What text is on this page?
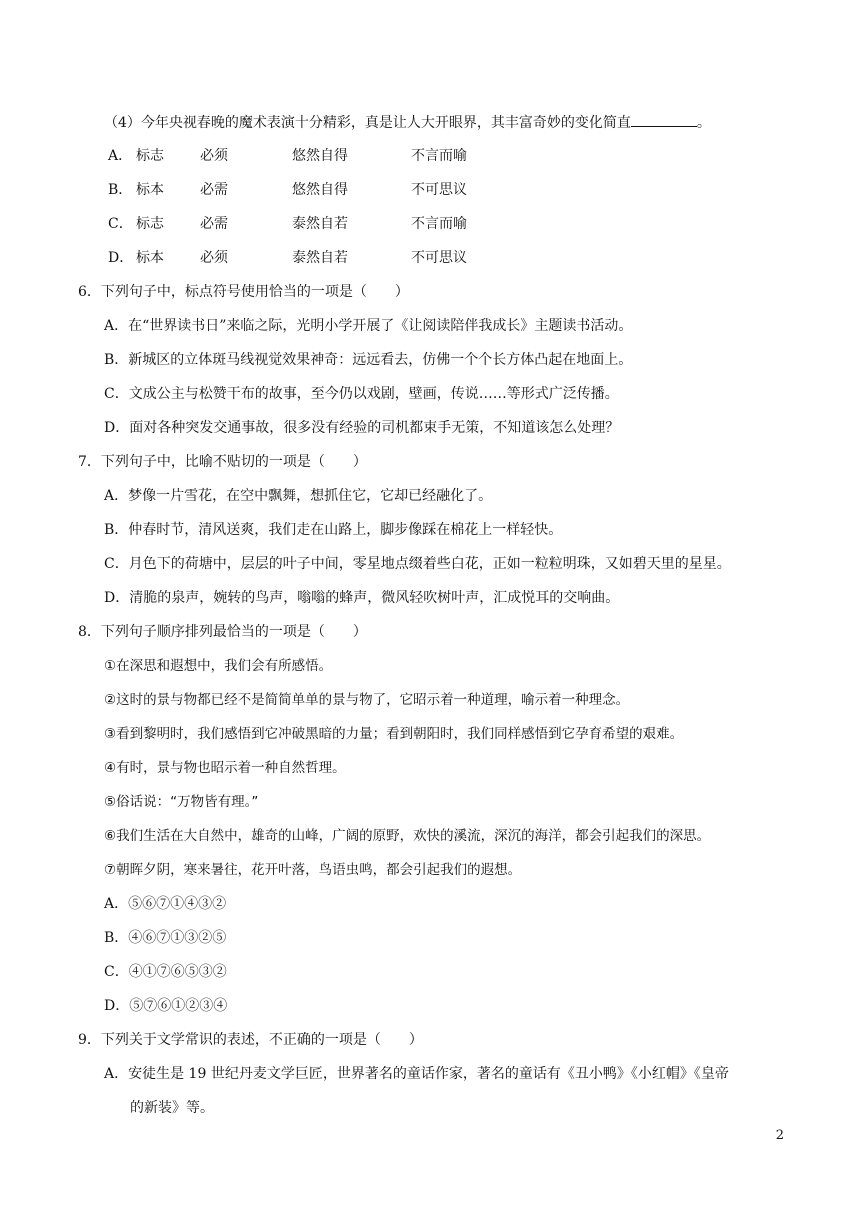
（4）今年央视春晚的魔术表演十分精彩，真是让人大开眼界，其丰富奇妙的变化简直	。
A． 标志	必须	悠然自得	不言而喻
B． 标本	必需	悠然自得	不可思议
C． 标志	必需	泰然自若	不言而喻
D． 标本	必须	泰然自若	不可思议
6．下列句子中，标点符号使用恰当的一项是（　　）
A．在“世界读书日”来临之际，光明小学开展了《让阅读陪伴我成长》主题读书活动。
B．新城区的立体斑马线视觉效果神奇：远远看去，仿佛一个个长方体凸起在地面上。
C．文成公主与松赞干布的故事，至今仍以戏剧，壁画，传说……等形式广泛传播。
D．面对各种突发交通事故，很多没有经验的司机都束手无策，不知道该怎么处理？
7．下列句子中，比喻不贴切的一项是（　　）
A．梦像一片雪花，在空中飘舞，想抓住它，它却已经融化了。
B．仲春时节，清风送爽，我们走在山路上，脚步像踩在棉花上一样轻快。
C．月色下的荷塘中，层层的叶子中间，零星地点缀着些白花，正如一粒粒明珠，又如碧天里的星星。
D．清脆的泉声，婉转的鸟声，嗡嗡的蜂声，微风轻吹树叶声，汇成悦耳的交响曲。
8．下列句子顺序排列最恰当的一项是（　　）
①在深思和遐想中，我们会有所感悟。
②这时的景与物都已经不是简简单单的景与物了，它昭示着一种道理，喻示着一种理念。
③看到黎明时，我们感悟到它冲破黑暗的力量；看到朝阳时，我们同样感悟到它孕育希望的艰难。
④有时，景与物也昭示着一种自然哲理。
⑤俗话说：“万物皆有理。”
⑥我们生活在大自然中，雄奇的山峰，广阔的原野，欢快的溪流，深沉的海洋，都会引起我们的深思。
⑦朝晖夕阴，寒来暑往，花开叶落，鸟语虫鸣，都会引起我们的遐想。
A．⑤⑥⑦①④③②
B．④⑥⑦①③②⑤
C．④①⑦⑥⑤③②
D．⑤⑦⑥①②③④
9．下列关于文学常识的表述，不正确的一项是（　　）
A．安徒生是 19 世纪丹麦文学巨匠，世界著名的童话作家，著名的童话有《丑小鸭》《小红帽》《皇帝
的新装》等。
2
